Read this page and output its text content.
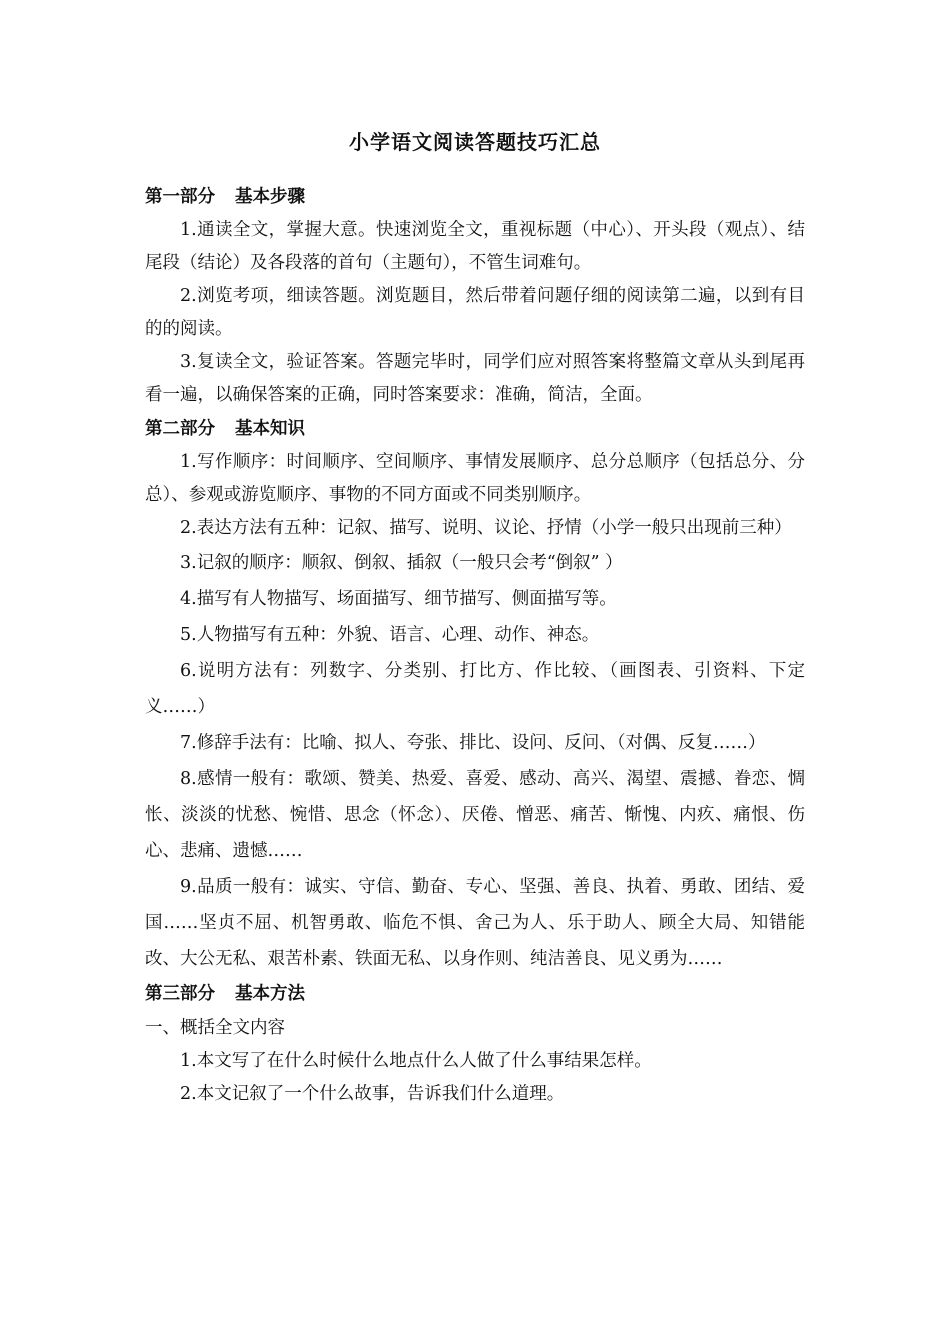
小学语文阅读答题技巧汇总
第一部分 基本步骤

1.通读全文，掌握大意。快速浏览全文，重视标题（中心）、开头段（观点）、结尾段（结论）及各段落的首句（主题句），不管生词难句。

2.浏览考项，细读答题。浏览题目，然后带着问题仔细的阅读第二遍，以到有目的的阅读。

3.复读全文，验证答案。答题完毕时，同学们应对照答案将整篇文章从头到尾再看一遍，以确保答案的正确，同时答案要求：准确，简洁，全面。

第二部分 基本知识

1.写作顺序：时间顺序、空间顺序、事情发展顺序、总分总顺序（包括总分、分总）、参观或游览顺序、事物的不同方面或不同类别顺序。

2.表达方法有五种：记叙、描写、说明、议论、抒情（小学一般只出现前三种）

3.记叙的顺序：顺叙、倒叙、插叙（一般只会考“倒叙” ）

4.描写有人物描写、场面描写、细节描写、侧面描写等。

5.人物描写有五种：外貌、语言、心理、动作、神态。

6.说明方法有：列数字、分类别、打比方、作比较、（画图表、引资料、下定义……）

7.修辞手法有：比喻、拟人、夸张、排比、设问、反问、（对偶、反复……）

8.感情一般有：歌颂、赞美、热爱、喜爱、感动、高兴、渴望、震撼、眷恋、惆怅、淡淡的忧愁、惋惜、思念（怀念）、厌倦、憎恶、痛苦、惭愧、内疚、痛恨、伤心、悲痛、遗憾……

9.品质一般有：诚实、守信、勤奋、专心、坚强、善良、执着、勇敢、团结、爱国……坚贞不屈、机智勇敢、临危不惧、舍己为人、乐于助人、顾全大局、知错能改、大公无私、艰苦朴素、铁面无私、以身作则、纯洁善良、见义勇为……

第三部分 基本方法
一、概括全文内容

1.本文写了在什么时候什么地点什么人做了什么事结果怎样。

2.本文记叙了一个什么故事，告诉我们什么道理。
